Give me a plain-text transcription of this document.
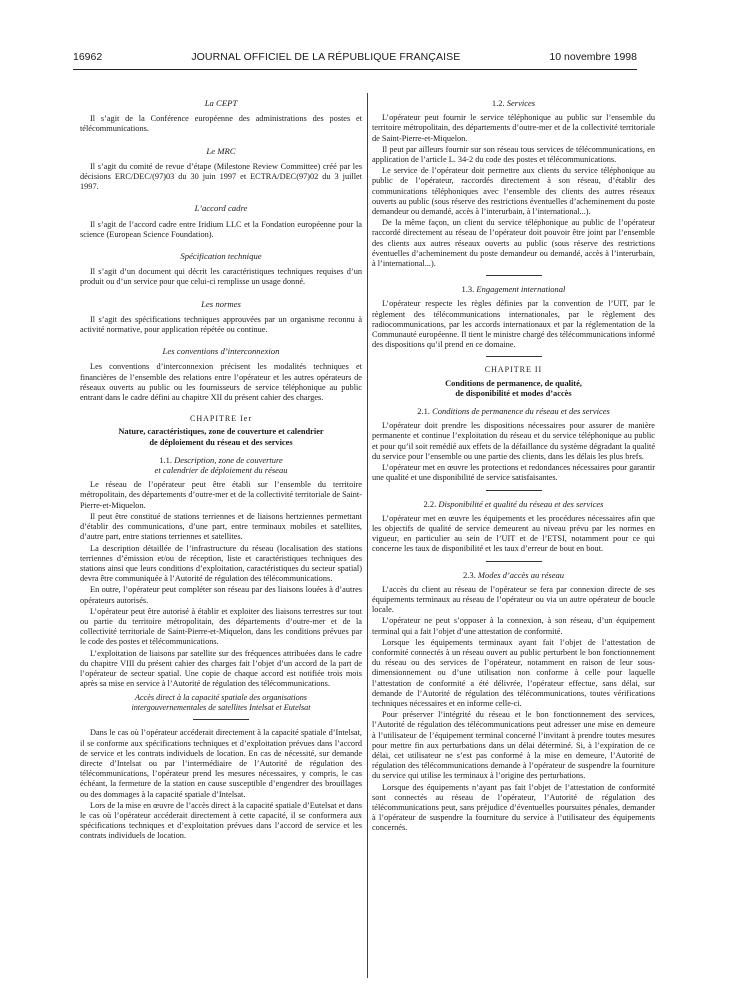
16962	JOURNAL OFFICIEL DE LA RÉPUBLIQUE FRANÇAISE	10 novembre 1998
La CEPT
Il s’agit de la Conférence européenne des administrations des postes et télécommunications.
Le MRC
Il s’agit du comité de revue d’étape (Milestone Review Committee) créé par les décisions ERC/DEC/(97)03 du 30 juin 1997 et ECTRA/DEC(97)02 du 3 juillet 1997.
L’accord cadre
Il s’agit de l’accord cadre entre Iridium LLC et la Fondation européenne pour la science (European Science Foundation).
Spécification technique
Il s’agit d’un document qui décrit les caractéristiques techniques requises d’un produit ou d’un service pour que celui-ci remplisse un usage donné.
Les normes
Il s’agit des spécifications techniques approuvées par un organisme reconnu à activité normative, pour application répétée ou continue.
Les conventions d’interconnexion
Les conventions d’interconnexion précisent les modalités techniques et financières de l’ensemble des relations entre l’opérateur et les autres opérateurs de réseaux ouverts au public ou les fournisseurs de service téléphonique au public entrant dans le cadre défini au chapitre XII du présent cahier des charges.
CHAPITRE Ier
Nature, caractéristiques, zone de couverture et calendrier
de déploiement du réseau et des services
1.1. Description, zone de couverture
et calendrier de déploiement du réseau
Le réseau de l’opérateur peut être établi sur l’ensemble du territoire métropolitain, des départements d’outre-mer et de la collectivité territoriale de Saint-Pierre-et-Miquelon.
Il peut être constitué de stations terriennes et de liaisons hertziennes permettant d’établir des communications, d’une part, entre terminaux mobiles et satellites, d’autre part, entre stations terriennes et satellites.
La description détaillée de l’infrastructure du réseau (localisation des stations terriennes d’émission et/ou de réception, liste et caractéristiques techniques des stations ainsi que leurs conditions d’exploitation, caractéristiques du secteur spatial) devra être communiquée à l’Autorité de régulation des télécommunications.
En outre, l’opérateur peut compléter son réseau par des liaisons louées à d’autres opérateurs autorisés.
L’opérateur peut être autorisé à établir et exploiter des liaisons terrestres sur tout ou partie du territoire métropolitain, des départements d’outre-mer et de la collectivité territoriale de Saint-Pierre-et-Miquelon, dans les conditions prévues par le code des postes et télécommunications.
L’exploitation de liaisons par satellite sur des fréquences attribuées dans le cadre du chapitre VIII du présent cahier des charges fait l’objet d’un accord de la part de l’opérateur de secteur spatial. Une copie de chaque accord est notifiée trois mois après sa mise en service à l’Autorité de régulation des télécommunications.
Accès direct à la capacité spatiale des organisations
intergouvernementales de satellites Intelsat et Eutelsat
Dans le cas où l’opérateur accéderait directement à la capacité spatiale d’Intelsat, il se conforme aux spécifications techniques et d’exploitation prévues dans l’accord de service et les contrats individuels de location. En cas de nécessité, sur demande directe d’Intelsat ou par l’intermédiaire de l’Autorité de régulation des télécommunications, l’opérateur prend les mesures nécessaires, y compris, le cas échéant, la fermeture de la station en cause susceptible d’engendrer des brouillages ou des dommages à la capacité spatiale d’Intelsat.
Lors de la mise en œuvre de l’accès direct à la capacité spatiale d’Eutelsat et dans le cas où l’opérateur accéderait directement à cette capacité, il se conformera aux spécifications techniques et d’exploitation prévues dans l’accord de service et les contrats individuels de location.
1.2. Services
L’opérateur peut fournir le service téléphonique au public sur l’ensemble du territoire métropolitain, des départements d’outre-mer et de la collectivité territoriale de Saint-Pierre-et-Miquelon.
Il peut par ailleurs fournir sur son réseau tous services de télécommunications, en application de l’article L. 34-2 du code des postes et télécommunications.
Le service de l’opérateur doit permettre aux clients du service téléphonique au public de l’opérateur, raccordés directement à son réseau, d’établir des communications téléphoniques avec l’ensemble des clients des autres réseaux ouverts au public (sous réserve des restrictions éventuelles d’acheminement du poste demandeur ou demandé, accès à l’interurbain, à l’international...).
De la même façon, un client du service téléphonique au public de l’opérateur raccordé directement au réseau de l’opérateur doit pouvoir être joint par l’ensemble des clients aux autres réseaux ouverts au public (sous réserve des restrictions éventuelles d’acheminement du poste demandeur ou demandé, accès à l’interurbain, à l’international...).
1.3. Engagement international
L’opérateur respecte les règles définies par la convention de l’UIT, par le règlement des télécommunications internationales, par le règlement des radiocommunications, par les accords internationaux et par la réglementation de la Communauté européenne. Il tient le ministre chargé des télécommunications informé des dispositions qu’il prend en ce domaine.
CHAPITRE II
Conditions de permanence, de qualité,
de disponibilité et modes d’accès
2.1. Conditions de permanence du réseau et des services
L’opérateur doit prendre les dispositions nécessaires pour assurer de manière permanente et continue l’exploitation du réseau et du service téléphonique au public et pour qu’il soit remédié aux effets de la défaillance du système dégradant la qualité du service pour l’ensemble ou une partie des clients, dans les délais les plus brefs.
L’opérateur met en œuvre les protections et redondances nécessaires pour garantir une qualité et une disponibilité de service satisfaisantes.
2.2. Disponibilité et qualité du réseau et des services
L’opérateur met en œuvre les équipements et les procédures nécessaires afin que les objectifs de qualité de service demeurent au niveau prévu par les normes en vigueur, en particulier au sein de l’UIT et de l’ETSI, notamment pour ce qui concerne les taux de disponibilité et les taux d’erreur de bout en bout.
2.3. Modes d’accès au réseau
L’accès du client au réseau de l’opérateur se fera par connexion directe de ses équipements terminaux au réseau de l’opérateur ou via un autre opérateur de boucle locale.
L’opérateur ne peut s’opposer à la connexion, à son réseau, d’un équipement terminal qui a fait l’objet d’une attestation de conformité.
Lorsque les équipements terminaux ayant fait l’objet de l’attestation de conformité connectés à un réseau ouvert au public perturbent le bon fonctionnement du réseau ou des services de l’opérateur, notamment en raison de leur sous-dimensionnement ou d’une utilisation non conforme à celle pour laquelle l’attestation de conformité a été délivrée, l’opérateur effectue, sans délai, sur demande de l’Autorité de régulation des télécommunications, toutes vérifications techniques nécessaires et en informe celle-ci.
Pour préserver l’intégrité du réseau et le bon fonctionnement des services, l’Autorité de régulation des télécommunications peut adresser une mise en demeure à l’utilisateur de l’équipement terminal concerné l’invitant à prendre toutes mesures pour mettre fin aux perturbations dans un délai déterminé. Si, à l’expiration de ce délai, cet utilisateur ne s’est pas conformé à la mise en demeure, l’Autorité de régulation des télécommunications demande à l’opérateur de suspendre la fourniture du service qui utilise les terminaux à l’origine des perturbations.
Lorsque des équipements n’ayant pas fait l’objet de l’attestation de conformité sont connectés au réseau de l’opérateur, l’Autorité de régulation des télécommunications peut, sans préjudice d’éventuelles poursuites pénales, demander à l’opérateur de suspendre la fourniture du service à l’utilisateur des équipements concernés.
